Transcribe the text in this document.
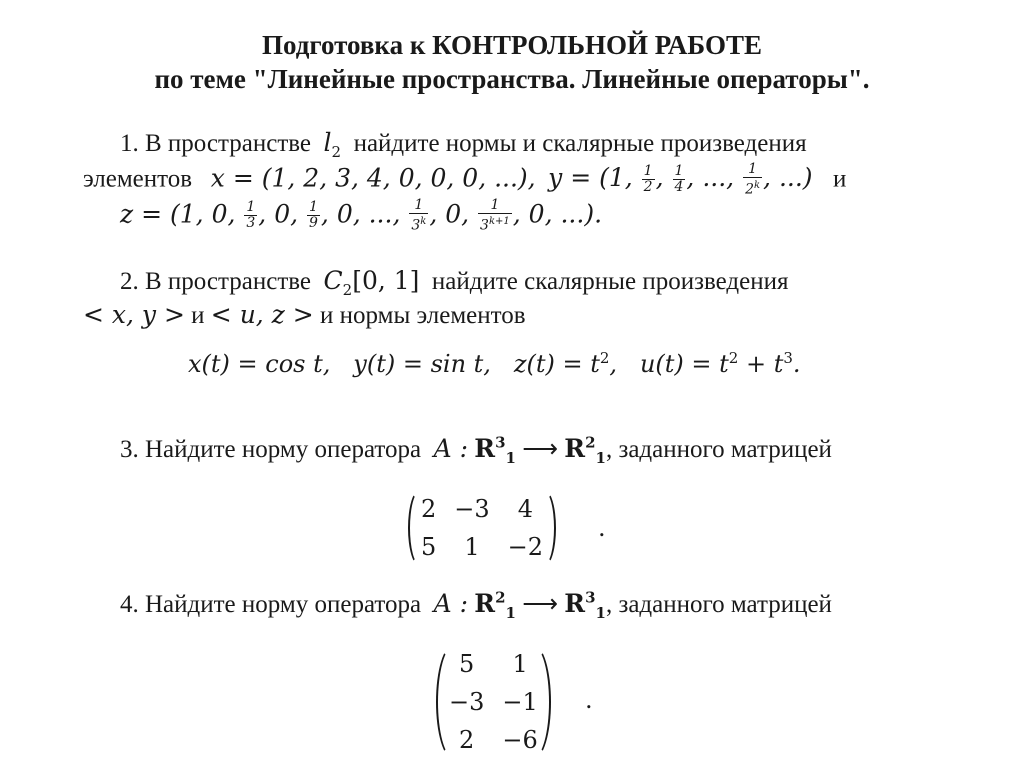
Подготовка к КОНТРОЛЬНОЙ РАБОТЕ
по теме "Линейные пространства. Линейные операторы".
1. В пространстве $l_2$ найдите нормы и скалярные произведения
элементов x = (1, 2, 3, 4, 0, 0, 0, ...), y = (1, $\frac{1}{2}$ , $\frac{1}{4}$ , ..., $\frac{1}{2^k}$ , ...) и
z = (1, 0, $\frac{1}{3}$ , 0, $\frac{1}{9}$ , 0, ..., $\frac{1}{3^k}$ , 0, $\frac{1}{3^{k+1}}$ , 0, ...).
2. В пространстве $C_2[0$, 1] найдите скалярные произведения
< x, y > и < u, z > и нормы элементов
x(t) = cos t, y(t) = sin t, $z(t) = t^2$, $u(t) = t^2 + t^3$.
3. Найдите норму оператора A : $R^3_1$ ⟶ $R^2_1$, заданного матрицей
2	−3	4
5	1	−2
.
4. Найдите норму оператора A : $R^2_1$ ⟶ $R^3_1$, заданного матрицей
5	1
−3	−1
2	−6
.
